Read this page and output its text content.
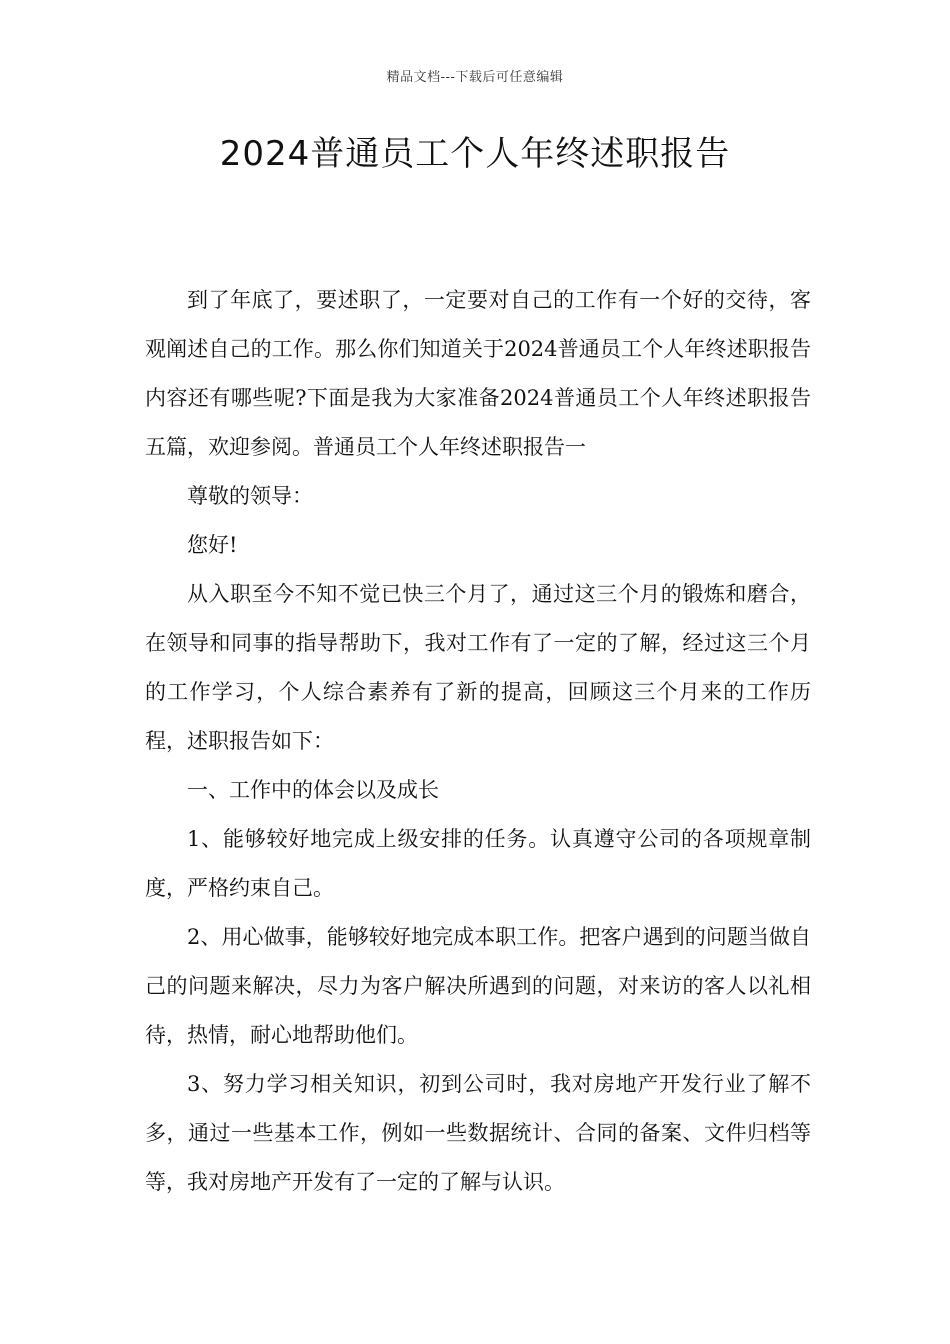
精品文档---下载后可任意编辑
2024普通员工个人年终述职报告

到了年底了，要述职了，一定要对自己的工作有一个好的交待，客观阐述自己的工作。那么你们知道关于2024普通员工个人年终述职报告内容还有哪些呢?下面是我为大家准备2024普通员工个人年终述职报告五篇，欢迎参阅。普通员工个人年终述职报告一

尊敬的领导：

您好!

从入职至今不知不觉已快三个月了，通过这三个月的锻炼和磨合，在领导和同事的指导帮助下，我对工作有了一定的了解，经过这三个月的工作学习，个人综合素养有了新的提高，回顾这三个月来的工作历程，述职报告如下：

一、工作中的体会以及成长

1、能够较好地完成上级安排的任务。认真遵守公司的各项规章制度，严格约束自己。

2、用心做事，能够较好地完成本职工作。把客户遇到的问题当做自己的问题来解决，尽力为客户解决所遇到的问题，对来访的客人以礼相待，热情，耐心地帮助他们。

3、努力学习相关知识，初到公司时，我对房地产开发行业了解不多，通过一些基本工作，例如一些数据统计、合同的备案、文件归档等等，我对房地产开发有了一定的了解与认识。
